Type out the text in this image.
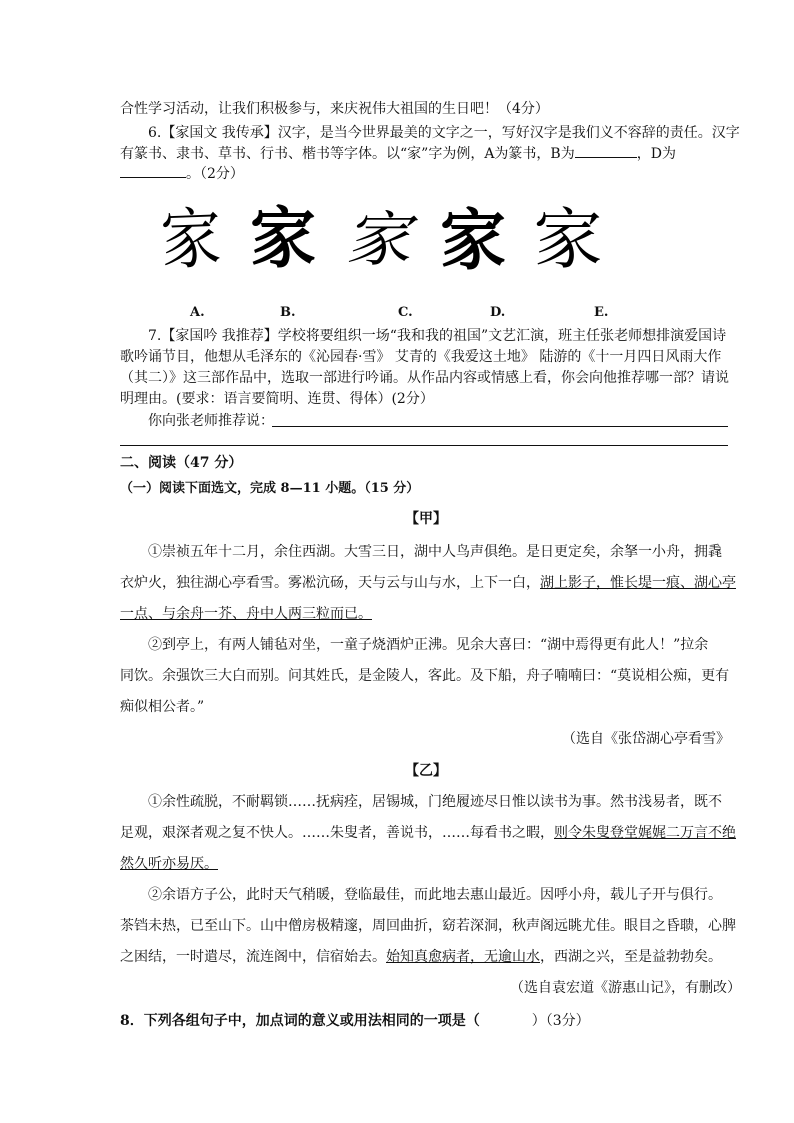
合性学习活动，让我们积极参与，来庆祝伟大祖国的生日吧！（4分）
6.【家国文 我传承】汉字，是当今世界最美的文字之一，写好汉字是我们义不容辞的责任。汉字
有篆书、隶书、草书、行书、楷书等字体。以“家”字为例，A为篆书，B为	，D为
。（2分）
家 家 家 家 家
A.	B.	C.	D.	E.
7.【家国吟 我推荐】学校将要组织一场“我和我的祖国”文艺汇演，班主任张老师想排演爱国诗
歌吟诵节目，他想从毛泽东的《沁园春·雪》 艾青的《我爱这土地》 陆游的《十一月四日风雨大作
（其二）》这三部作品中，选取一部进行吟诵。从作品内容或情感上看，你会向他推荐哪一部？请说
明理由。(要求：语言要简明、连贯、得体）(2分）
你向张老师推荐说：
二、阅读（47 分）
（一）阅读下面选文，完成 8—11 小题。（15 分）
【甲】
①崇祯五年十二月，余住西湖。大雪三日，湖中人鸟声俱绝。是日更定矣，余拏一小舟，拥毳
衣炉火，独往湖心亭看雪。雾凇沆砀，天与云与山与水，上下一白，湖上影子，惟长堤一痕、湖心亭
一点、与余舟一芥、舟中人两三粒而已。
②到亭上，有两人铺毡对坐，一童子烧酒炉正沸。见余大喜曰：“湖中焉得更有此人！”拉余
同饮。余强饮三大白而别。问其姓氏，是金陵人，客此。及下船，舟子喃喃曰：“莫说相公痴，更有
痴似相公者。”
（选自《张岱湖心亭看雪》
【乙】
①余性疏脱，不耐羁锁……抚病痊，居锡城，门绝履迹尽日惟以读书为事。然书浅易者，既不
足观，艰深者观之复不快人。……朱叟者，善说书，……每看书之暇，则令朱叟登堂娓娓二万言不绝
然久听亦易厌。
②余语方子公，此时天气稍暖，登临最佳，而此地去惠山最近。因呼小舟，载儿子开与俱行。
茶铛未热，已至山下。山中僧房极精邃，周回曲折，窈若深洞，秋声阁远眺尤佳。眼目之昏聩，心脾
之困结，一时遣尽，流连阁中，信宿始去。始知真愈病者，无逾山水，西湖之兴，至是益勃勃矣。
（选自袁宏道《游惠山记》，有删改）
8．下列各组句子中，加点词的意义或用法相同的一项是（	）（3分）
